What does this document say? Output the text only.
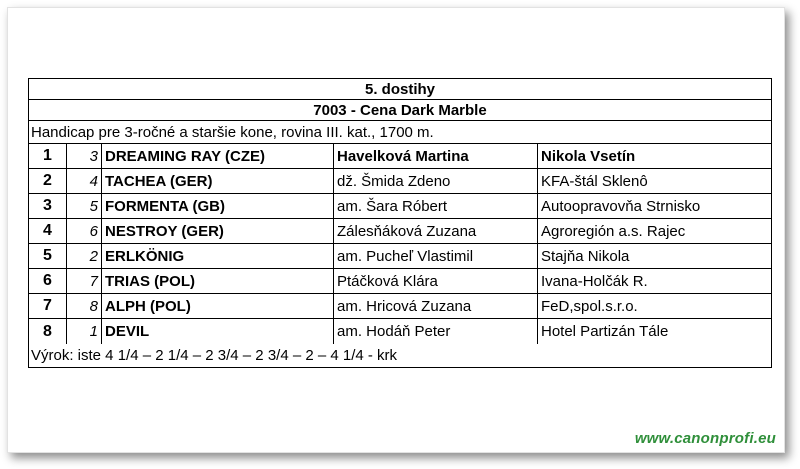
5. dostihy
7003 - Cena Dark Marble
Handicap pre 3-ročné a staršie kone, rovina III. kat., 1700 m.
1	3 DREAMING RAY (CZE)	Havelková Martina	Nikola Vsetín
2	4 TACHEA (GER)	dž. Šmida Zdeno	KFA-štál Sklenô
3	5 FORMENTA (GB)	am. Šara Róbert	Autoopravovňa Strnisko
4	6 NESTROY (GER)	Zálesňáková Zuzana	Agroregión a.s. Rajec
5	2 ERLKÖNIG	am. Pucheľ Vlastimil	Stajňa Nikola
6	7 TRIAS (POL)	Ptáčková Klára	Ivana-Holčák R.
7	8 ALPH (POL)	am. Hricová Zuzana	FeD,spol.s.r.o.
8	1 DEVIL	am. Hodáň Peter	Hotel Partizán Tále
Výrok: iste 4 1/4 – 2 1/4 – 2 3/4 – 2 3/4 – 2 – 4 1/4 - krk
www.canonprofi.eu
